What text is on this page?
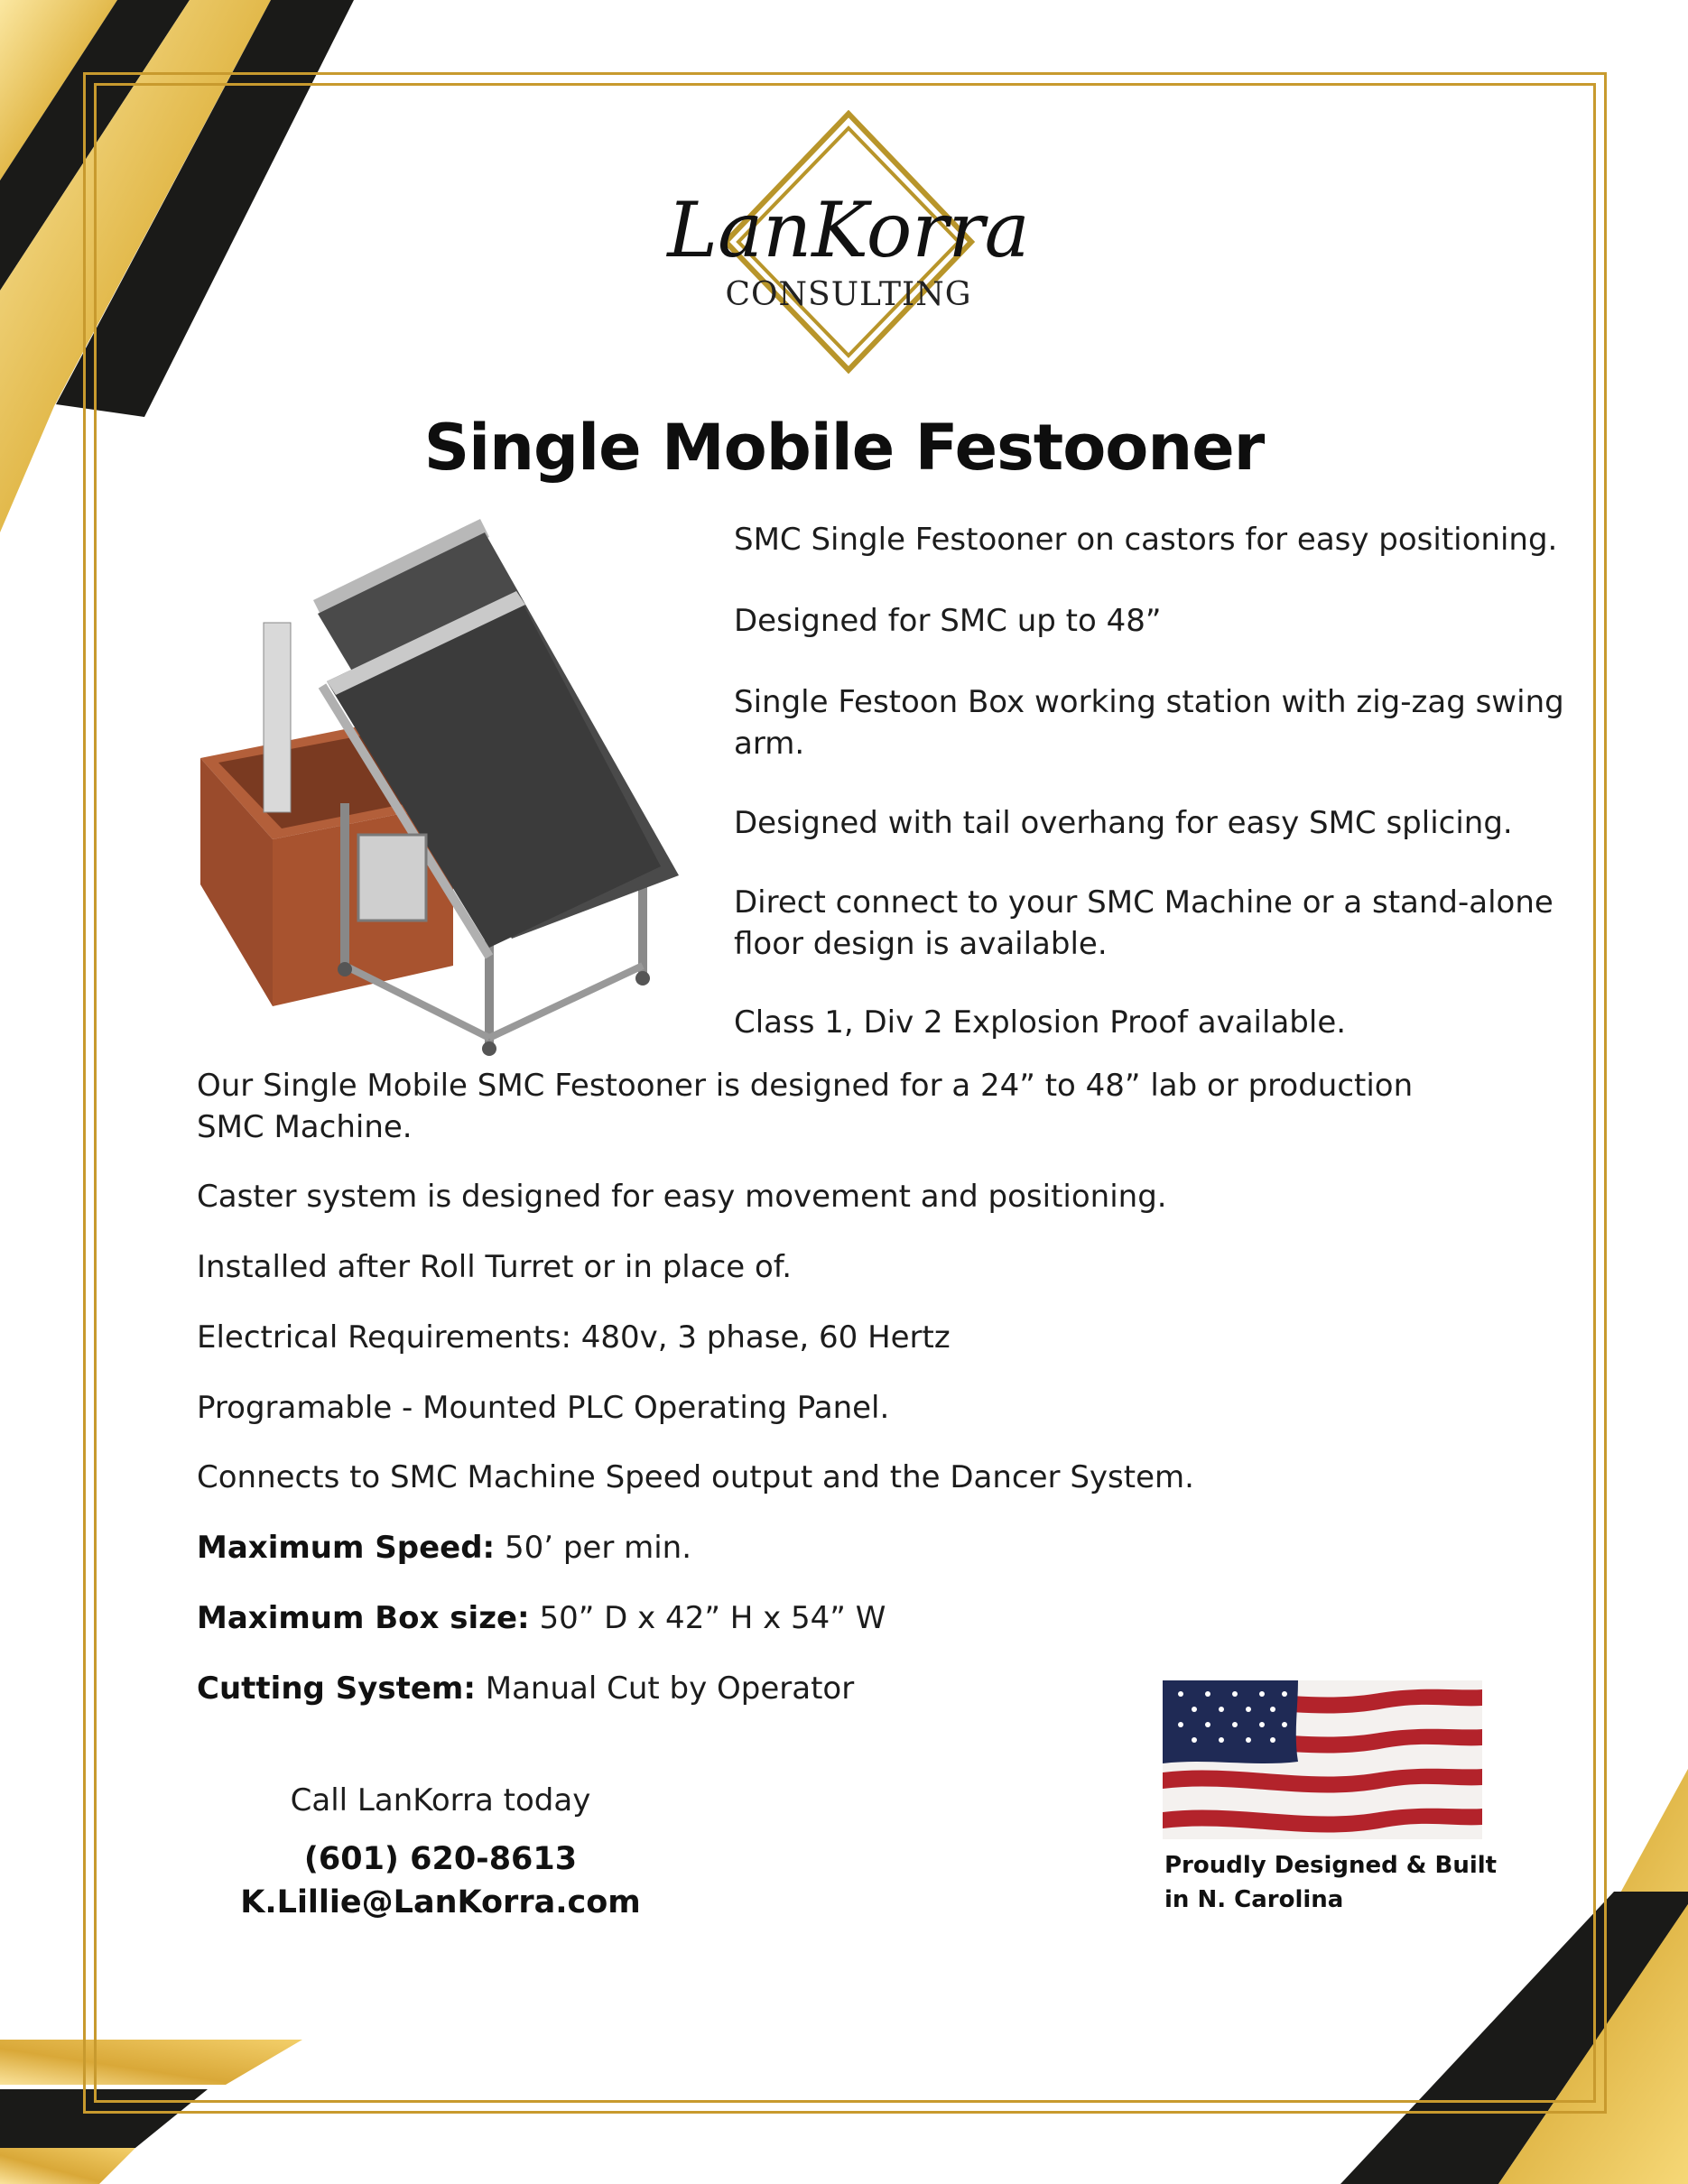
LanKorra
CONSULTING
Single Mobile Festooner
SMC Single Festooner on castors for easy positioning.
Designed for SMC up to 48”
Single Festoon Box working station with zig-zag swing arm.
Designed with tail overhang for easy SMC splicing.
Direct connect to your SMC Machine or a stand-alone floor design is available.
Class 1, Div 2 Explosion Proof available.
Our Single Mobile SMC Festooner is designed for a 24” to 48” lab or production SMC Machine.
Caster system is designed for easy movement and positioning.
Installed after Roll Turret or in place of.
Electrical Requirements: 480v, 3 phase, 60 Hertz
Programable - Mounted PLC Operating Panel.
Connects to SMC Machine Speed output and the Dancer System.
Maximum Speed: 50’ per min.
Maximum Box size: 50” D x 42” H x 54” W
Cutting System: Manual Cut by Operator
Call LanKorra today
(601) 620-8613
K.Lillie@LanKorra.com
Proudly Designed & Built
in N. Carolina
